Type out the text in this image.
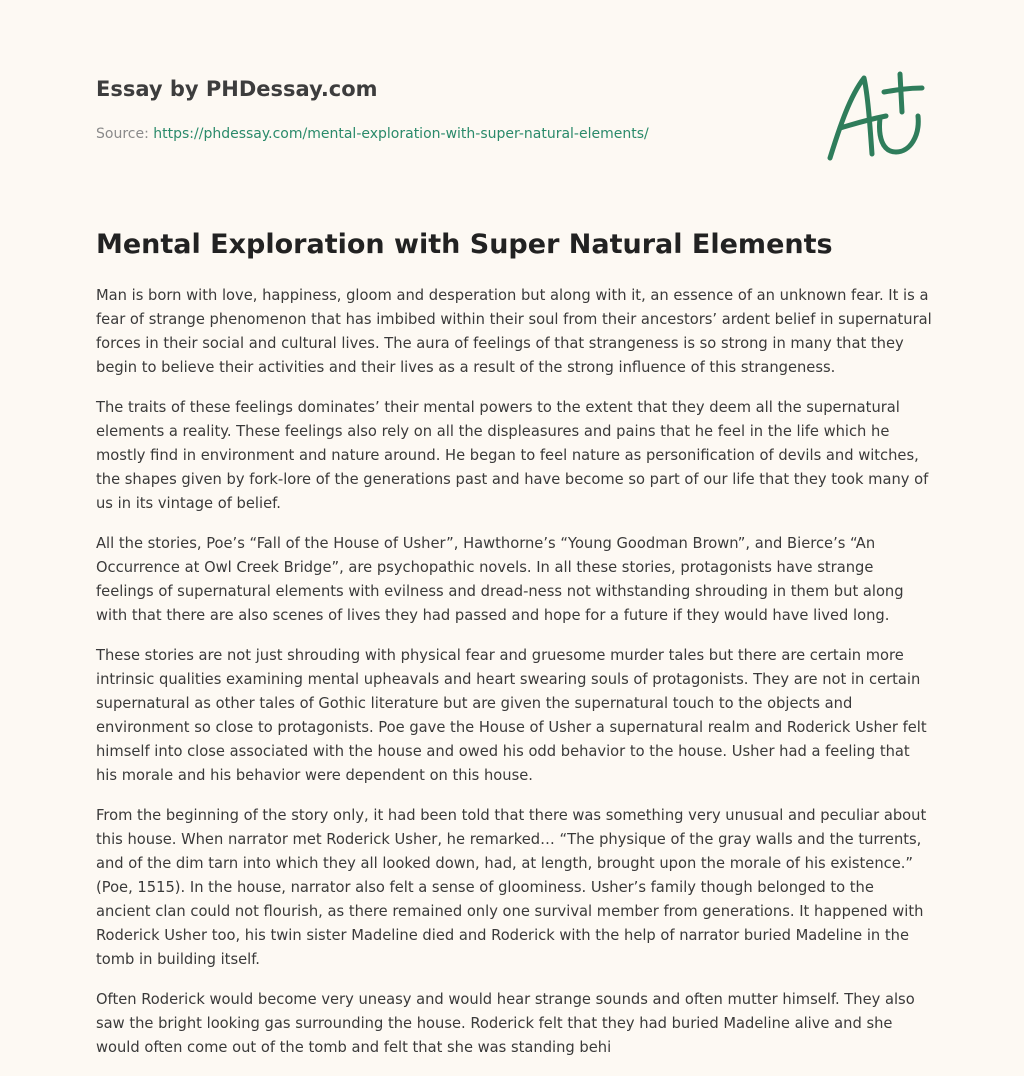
Essay by PHDessay.com

Source: https://phdessay.com/mental-exploration-with-super-natural-elements/
Mental Exploration with Super Natural Elements

Man is born with love, happiness, gloom and desperation but along with it, an essence of an unknown fear. It is a fear of strange phenomenon that has imbibed within their soul from their ancestors’ ardent belief in supernatural forces in their social and cultural lives. The aura of feelings of that strangeness is so strong in many that they begin to believe their activities and their lives as a result of the strong influence of this strangeness.

The traits of these feelings dominates’ their mental powers to the extent that they deem all the supernatural elements a reality. These feelings also rely on all the displeasures and pains that he feel in the life which he mostly find in environment and nature around. He began to feel nature as personification of devils and witches, the shapes given by fork-lore of the generations past and have become so part of our life that they took many of us in its vintage of belief.

All the stories, Poe’s “Fall of the House of Usher”, Hawthorne’s “Young Goodman Brown”, and Bierce’s “An Occurrence at Owl Creek Bridge”, are psychopathic novels. In all these stories, protagonists have strange feelings of supernatural elements with evilness and dread-ness not withstanding shrouding in them but along with that there are also scenes of lives they had passed and hope for a future if they would have lived long.

These stories are not just shrouding with physical fear and gruesome murder tales but there are certain more intrinsic qualities examining mental upheavals and heart swearing souls of protagonists. They are not in certain supernatural as other tales of Gothic literature but are given the supernatural touch to the objects and environment so close to protagonists. Poe gave the House of Usher a supernatural realm and Roderick Usher felt himself into close associated with the house and owed his odd behavior to the house. Usher had a feeling that his morale and his behavior were dependent on this house.

From the beginning of the story only, it had been told that there was something very unusual and peculiar about this house. When narrator met Roderick Usher, he remarked… “The physique of the gray walls and the turrents, and of the dim tarn into which they all looked down, had, at length, brought upon the morale of his existence.” (Poe, 1515). In the house, narrator also felt a sense of gloominess. Usher’s family though belonged to the ancient clan could not flourish, as there remained only one survival member from generations. It happened with Roderick Usher too, his twin sister Madeline died and Roderick with the help of narrator buried Madeline in the tomb in building itself.

Often Roderick would become very uneasy and would hear strange sounds and often mutter himself. They also saw the bright looking gas surrounding the house. Roderick felt that they had buried Madeline alive and she would often come out of the tomb and felt that she was standing behi
